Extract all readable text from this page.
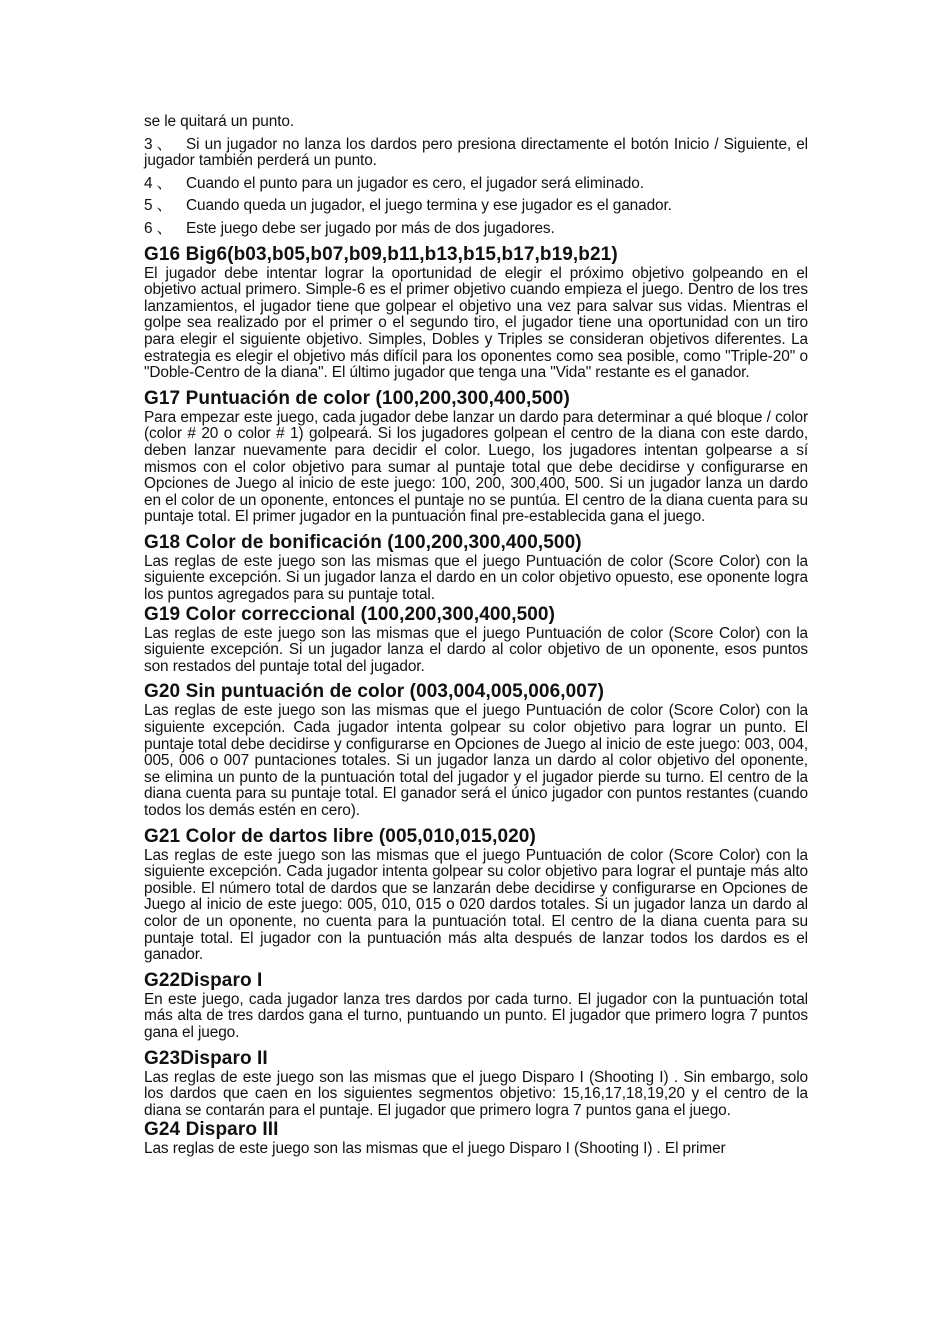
se le quitará un punto.

3 、 Si un jugador no lanza los dardos pero presiona directamente el botón Inicio / Siguiente, el jugador también perderá un punto.

4 、 Cuando el punto para un jugador es cero, el jugador será eliminado.

5 、 Cuando queda un jugador, el juego termina y ese jugador es el ganador.

6 、 Este juego debe ser jugado por más de dos jugadores.

G16 Big6(b03,b05,b07,b09,b11,b13,b15,b17,b19,b21)

El jugador debe intentar lograr la oportunidad de elegir el próximo objetivo golpeando en el objetivo actual primero. Simple-6 es el primer objetivo cuando empieza el juego. Dentro de los tres lanzamientos, el jugador tiene que golpear el objetivo una vez para salvar sus vidas. Mientras el golpe sea realizado por el primer o el segundo tiro, el jugador tiene una oportunidad con un tiro para elegir el siguiente objetivo. Simples, Dobles y Triples se consideran objetivos diferentes. La estrategia es elegir el objetivo más difícil para los oponentes como sea posible, como "Triple-20" o "Doble-Centro de la diana". El último jugador que tenga una "Vida" restante es el ganador.

G17 Puntuación de color (100,200,300,400,500)

Para empezar este juego, cada jugador debe lanzar un dardo para determinar a qué bloque / color (color # 20 o color # 1) golpeará. Si los jugadores golpean el centro de la diana con este dardo, deben lanzar nuevamente para decidir el color. Luego, los jugadores intentan golpearse a sí mismos con el color objetivo para sumar al puntaje total que debe decidirse y configurarse en Opciones de Juego al inicio de este juego: 100, 200, 300,400, 500. Si un jugador lanza un dardo en el color de un oponente, entonces el puntaje no se puntúa. El centro de la diana cuenta para su puntaje total. El primer jugador en la puntuación final pre-establecida gana el juego.

G18 Color de bonificación (100,200,300,400,500)

Las reglas de este juego son las mismas que el juego Puntuación de color (Score Color) con la siguiente excepción. Si un jugador lanza el dardo en un color objetivo opuesto, ese oponente logra los puntos agregados para su puntaje total.

G19 Color correccional (100,200,300,400,500)

Las reglas de este juego son las mismas que el juego Puntuación de color (Score Color) con la siguiente excepción. Si un jugador lanza el dardo al color objetivo de un oponente, esos puntos son restados del puntaje total del jugador.

G20 Sin puntuación de color (003,004,005,006,007)

Las reglas de este juego son las mismas que el juego Puntuación de color (Score Color) con la siguiente excepción. Cada jugador intenta golpear su color objetivo para lograr un punto. El puntaje total debe decidirse y configurarse en Opciones de Juego al inicio de este juego: 003, 004, 005, 006 o 007 puntaciones totales. Si un jugador lanza un dardo al color objetivo del oponente, se elimina un punto de la puntuación total del jugador y el jugador pierde su turno. El centro de la diana cuenta para su puntaje total. El ganador será el único jugador con puntos restantes (cuando todos los demás estén en cero).

G21 Color de dartos libre (005,010,015,020)

Las reglas de este juego son las mismas que el juego Puntuación de color (Score Color) con la siguiente excepción. Cada jugador intenta golpear su color objetivo para lograr el puntaje más alto posible. El número total de dardos que se lanzarán debe decidirse y configurarse en Opciones de Juego al inicio de este juego: 005, 010, 015 o 020 dardos totales. Si un jugador lanza un dardo al color de un oponente, no cuenta para la puntuación total. El centro de la diana cuenta para su puntaje total. El jugador con la puntuación más alta después de lanzar todos los dardos es el ganador.

G22Disparo I

En este juego, cada jugador lanza tres dardos por cada turno. El jugador con la puntuación total más alta de tres dardos gana el turno, puntuando un punto. El jugador que primero logra 7 puntos gana el juego.

G23Disparo II

Las reglas de este juego son las mismas que el juego Disparo I (Shooting I) . Sin embargo, solo los dardos que caen en los siguientes segmentos objetivo: 15,16,17,18,19,20 y el centro de la diana se contarán para el puntaje. El jugador que primero logra 7 puntos gana el juego.

G24 Disparo III

Las reglas de este juego son las mismas que el juego Disparo I (Shooting I) . El primer
